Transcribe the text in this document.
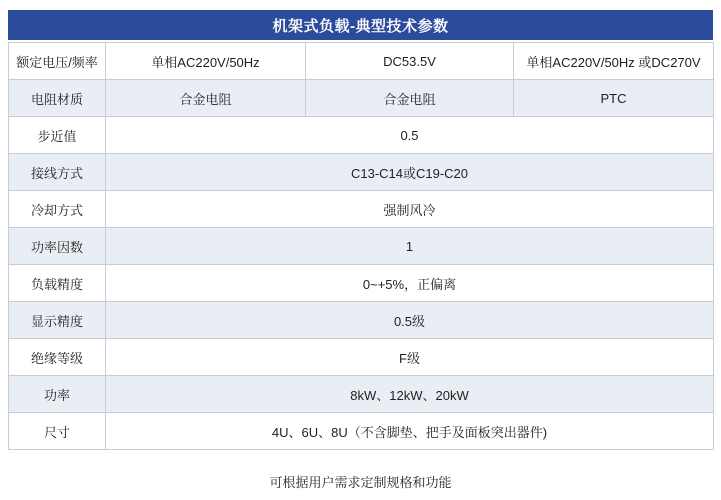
机架式负载-典型技术参数
额定电压/频率	单相AC220V/50Hz	DC53.5V	单相AC220V/50Hz 或DC270V
电阻材质	合金电阻	合金电阻	PTC
步近值	0.5		
接线方式	C13-C14或C19-C20		
冷却方式	强制风冷		
功率因数	1		
负载精度	0~+5%，正偏离		
显示精度	0.5级		
绝缘等级	F级		
功率	8kW、12kW、20kW		
尺寸	4U、6U、8U（不含脚垫、把手及面板突出器件)		
可根据用户需求定制规格和功能
